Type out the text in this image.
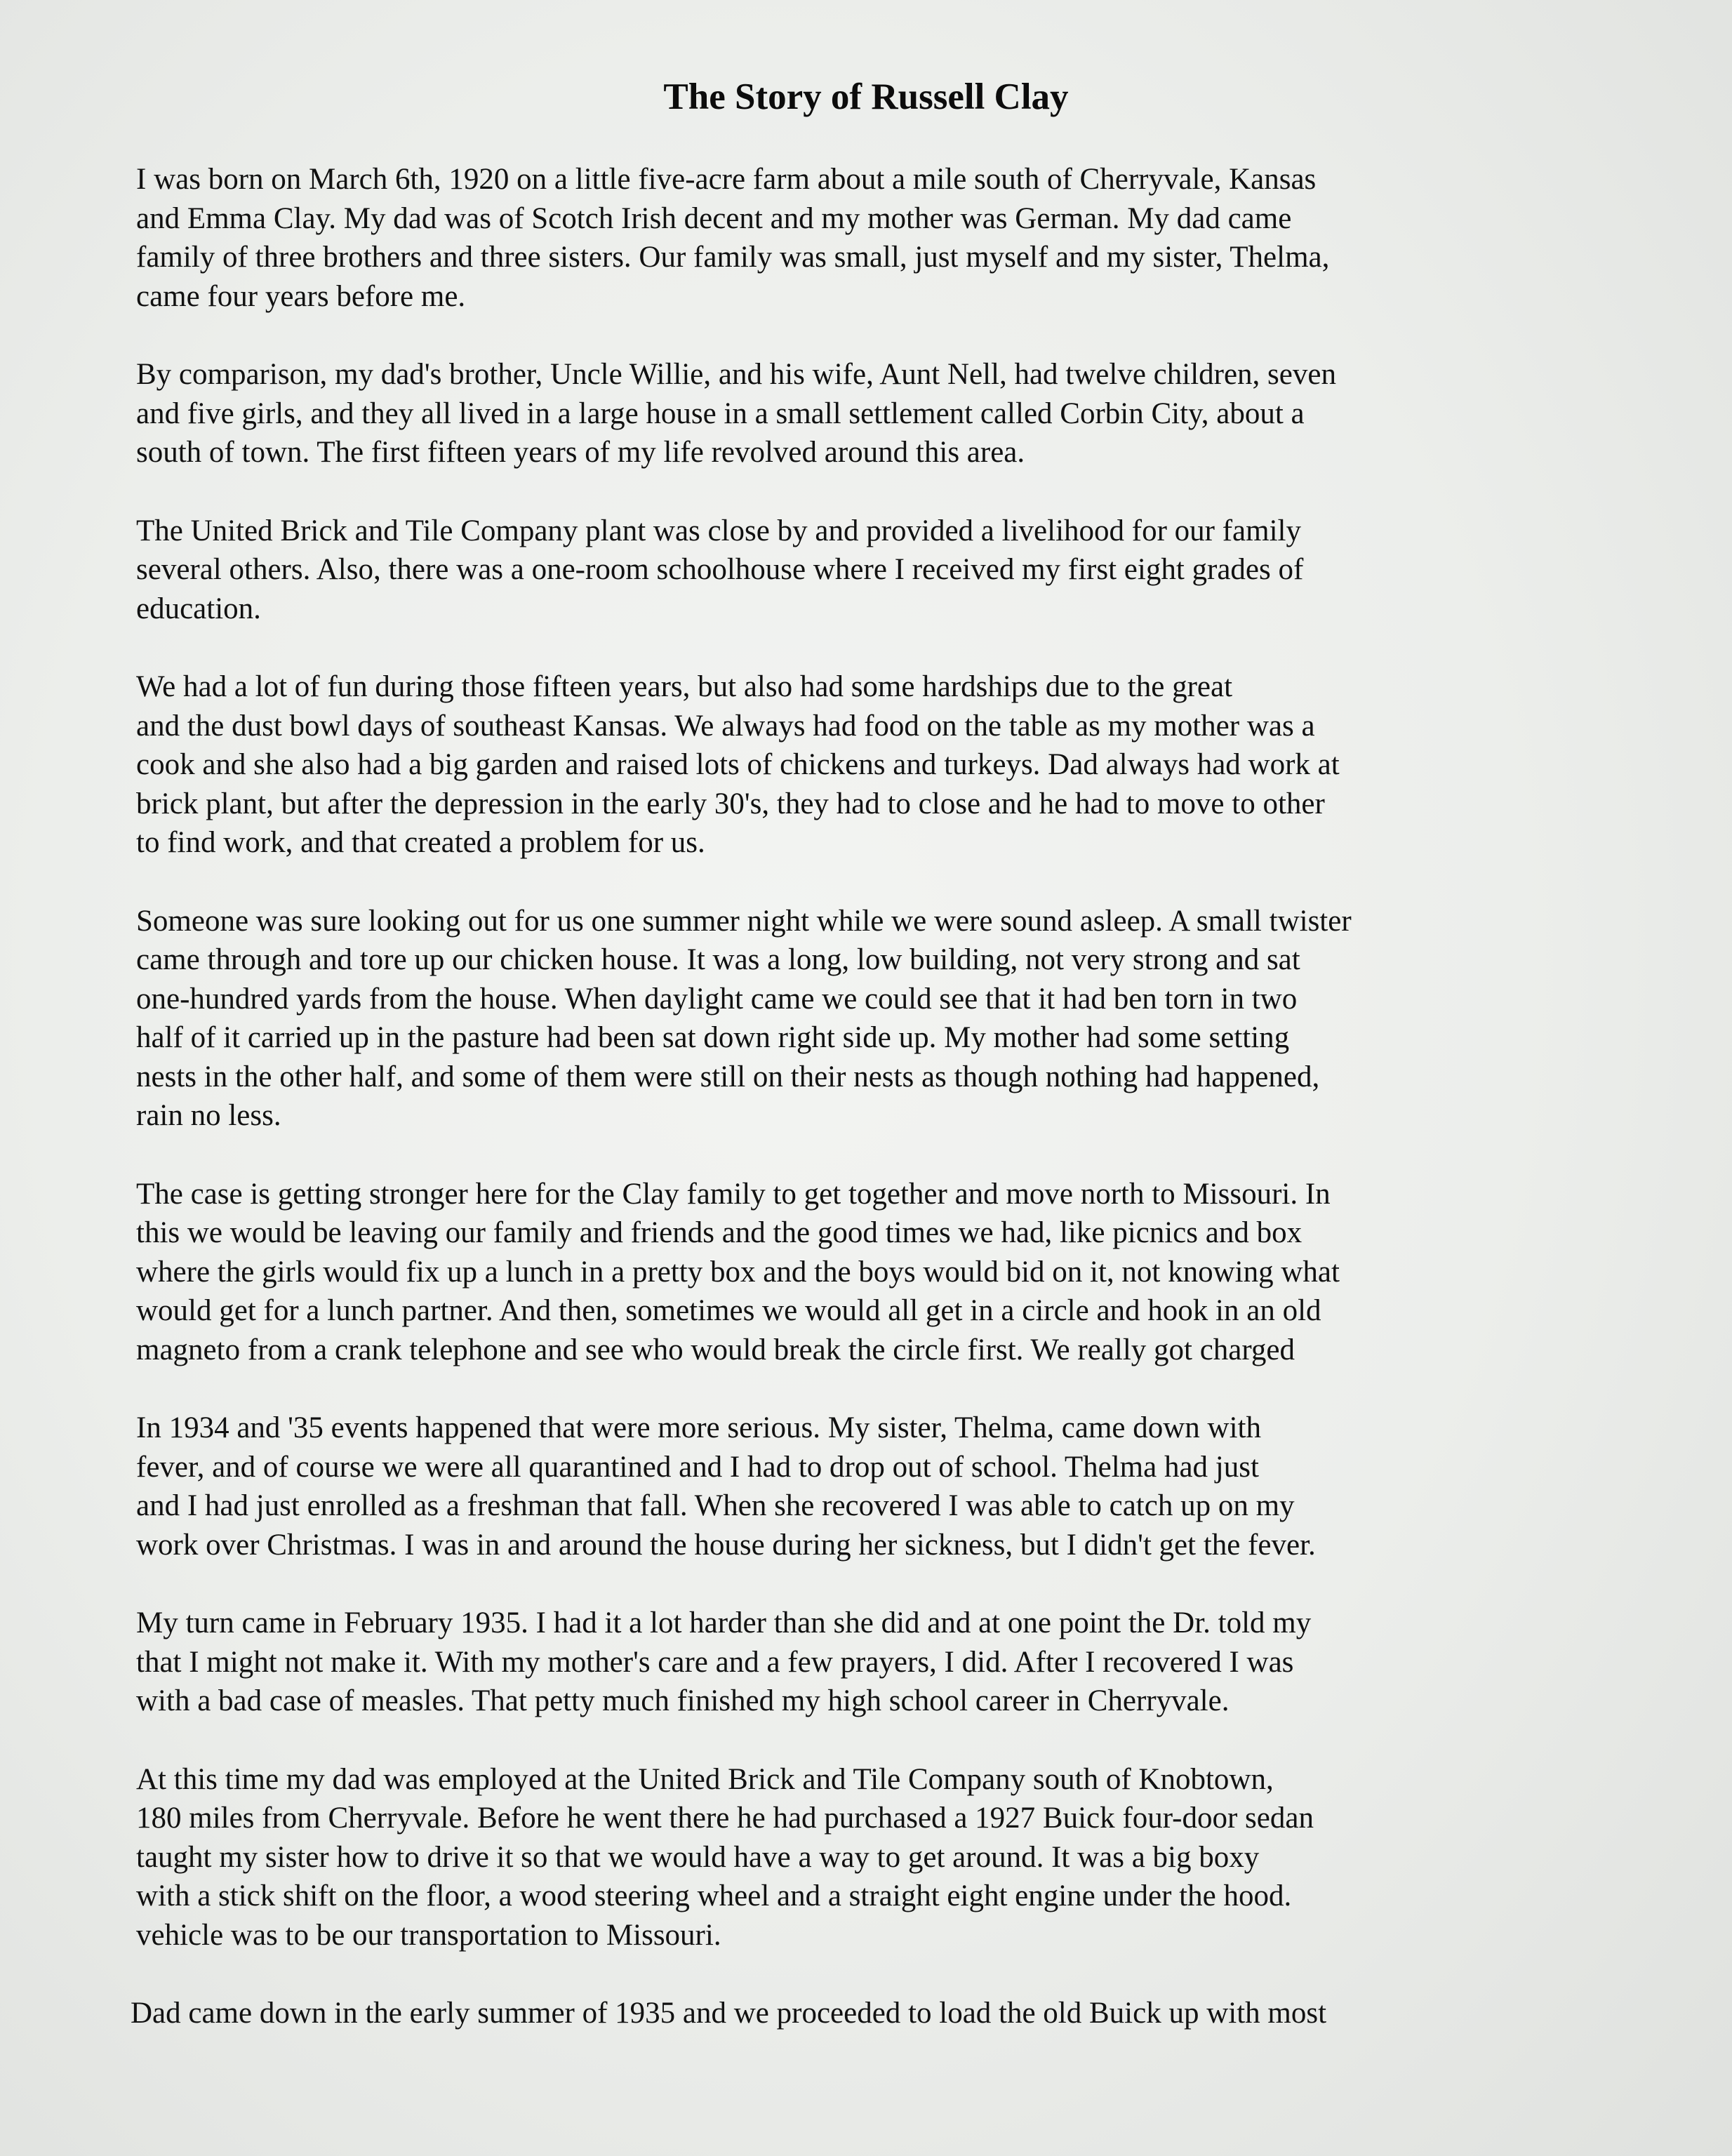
The Story of Russell Clay

I was born on March 6th, 1920 on a little five-acre farm about a mile south of Cherryvale, Kansas
and Emma Clay. My dad was of Scotch Irish decent and my mother was German. My dad came
family of three brothers and three sisters. Our family was small, just myself and my sister, Thelma,
came four years before me.

By comparison, my dad's brother, Uncle Willie, and his wife, Aunt Nell, had twelve children, seven
and five girls, and they all lived in a large house in a small settlement called Corbin City, about a
south of town. The first fifteen years of my life revolved around this area.

The United Brick and Tile Company plant was close by and provided a livelihood for our family
several others. Also, there was a one-room schoolhouse where I received my first eight grades of
education.

We had a lot of fun during those fifteen years, but also had some hardships due to the great
and the dust bowl days of southeast Kansas. We always had food on the table as my mother was a
cook and she also had a big garden and raised lots of chickens and turkeys. Dad always had work at
brick plant, but after the depression in the early 30's, they had to close and he had to move to other
to find work, and that created a problem for us.

Someone was sure looking out for us one summer night while we were sound asleep. A small twister
came through and tore up our chicken house. It was a long, low building, not very strong and sat
one-hundred yards from the house. When daylight came we could see that it had ben torn in two
half of it carried up in the pasture had been sat down right side up. My mother had some setting
nests in the other half, and some of them were still on their nests as though nothing had happened,
rain no less.

The case is getting stronger here for the Clay family to get together and move north to Missouri. In
this we would be leaving our family and friends and the good times we had, like picnics and box
where the girls would fix up a lunch in a pretty box and the boys would bid on it, not knowing what
would get for a lunch partner. And then, sometimes we would all get in a circle and hook in an old
magneto from a crank telephone and see who would break the circle first. We really got charged

In 1934 and '35 events happened that were more serious. My sister, Thelma, came down with
fever, and of course we were all quarantined and I had to drop out of school. Thelma had just
and I had just enrolled as a freshman that fall. When she recovered I was able to catch up on my
work over Christmas. I was in and around the house during her sickness, but I didn't get the fever.

My turn came in February 1935. I had it a lot harder than she did and at one point the Dr. told my
that I might not make it. With my mother's care and a few prayers, I did. After I recovered I was
with a bad case of measles. That petty much finished my high school career in Cherryvale.

At this time my dad was employed at the United Brick and Tile Company south of Knobtown,
180 miles from Cherryvale. Before he went there he had purchased a 1927 Buick four-door sedan
taught my sister how to drive it so that we would have a way to get around. It was a big boxy
with a stick shift on the floor, a wood steering wheel and a straight eight engine under the hood.
vehicle was to be our transportation to Missouri.

Dad came down in the early summer of 1935 and we proceeded to load the old Buick up with most
